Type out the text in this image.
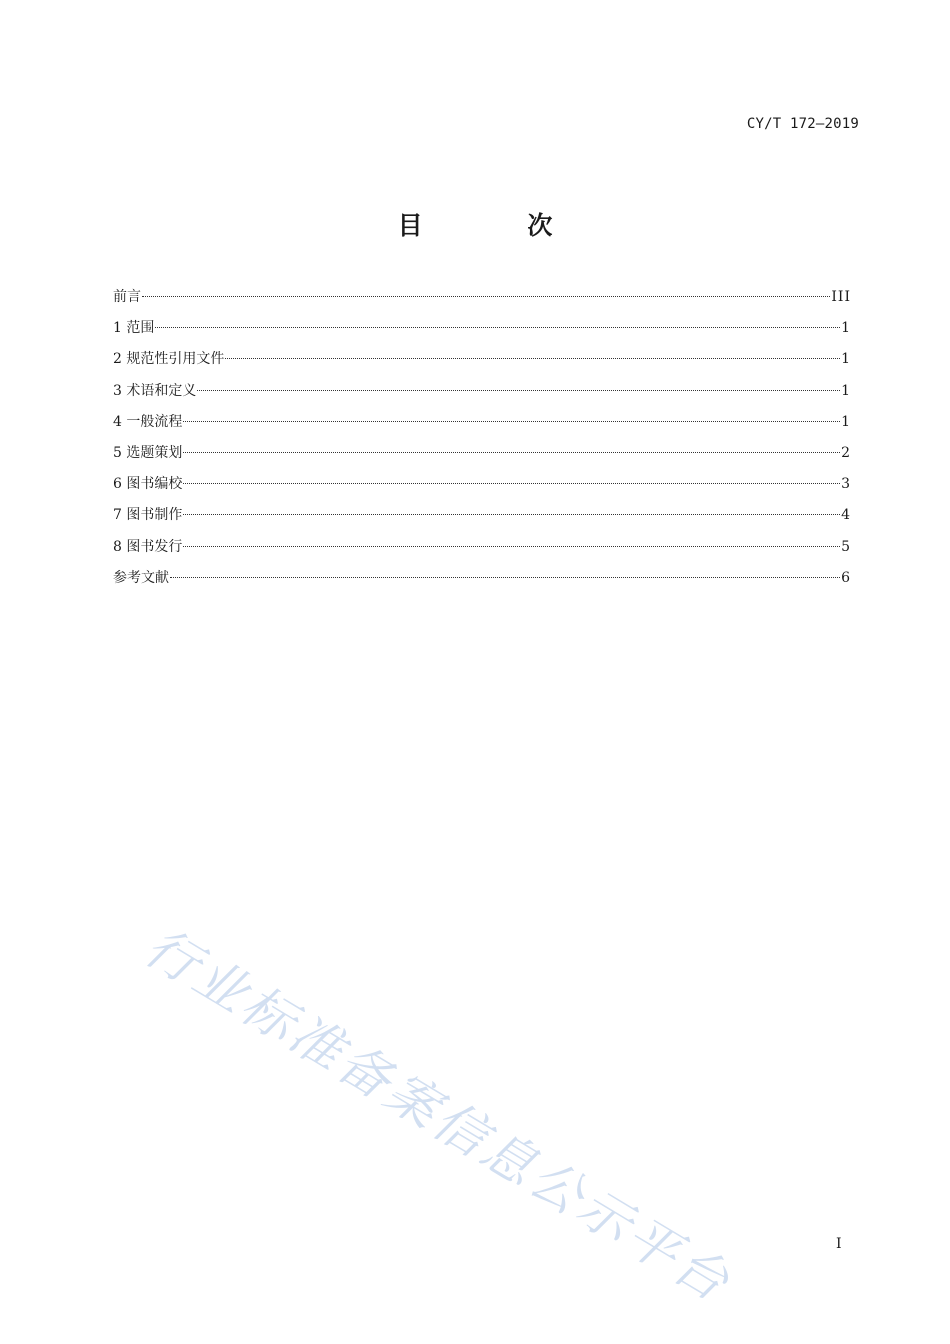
CY/T 172—2019
目 次
前言	III
1 范围	1
2 规范性引用文件	1
3 术语和定义	1
4 一般流程	1
5 选题策划	2
6 图书编校	3
7 图书制作	4
8 图书发行	5
参考文献	6
行业标准备案信息公示平台	I
